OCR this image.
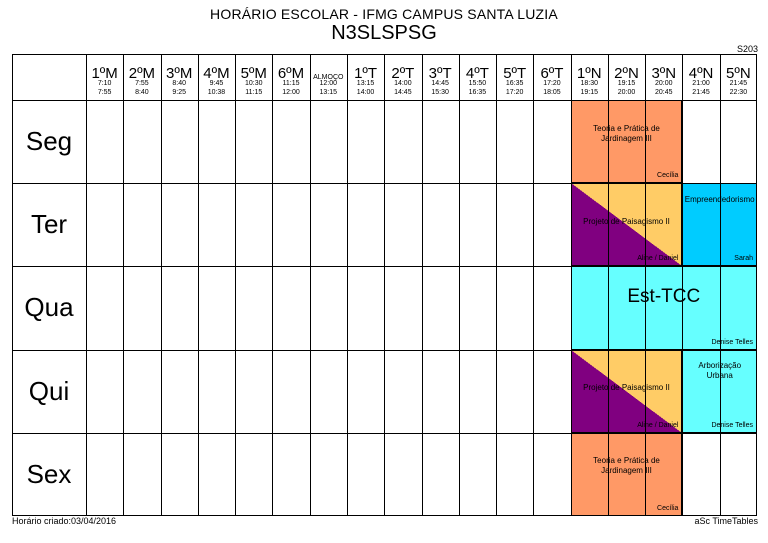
HORÁRIO ESCOLAR - IFMG CAMPUS SANTA LUZIA
N3SLSPSG
S203
1ºM
7:10
7:55
2ºM
7:55
8:40
3ºM
8:40
9:25
4ºM
9:45
10:38
5ºM
10:30
11:15
6ºM
11:15
12:00
ALMOÇO
12:00
13:15
1ºT
13:15
14:00
2ºT
14:00
14:45
3ºT
14:45
15:30
4ºT
15:50
16:35
5ºT
16:35
17:20
6ºT
17:20
18:05
1ºN
18:30
19:15
2ºN
19:15
20:00
3ºN
20:00
20:45
4ºN
21:00
21:45
5ºN
21:45
22:30
Seg
Ter
Qua
Qui
Sex
Teoria e Prática de Jardinagem III
Cecília
Projeto de Paisagismo II
Aline / Daniel
Empreendedorismo
Sarah
Est-TCC
Denise Telles
Projeto de Paisagismo II
Aline / Daniel
Arborização Urbana
Denise Telles
Teoria e Prática de Jardinagem III
Cecília
Horário criado:03/04/2016	aSc TimeTables
